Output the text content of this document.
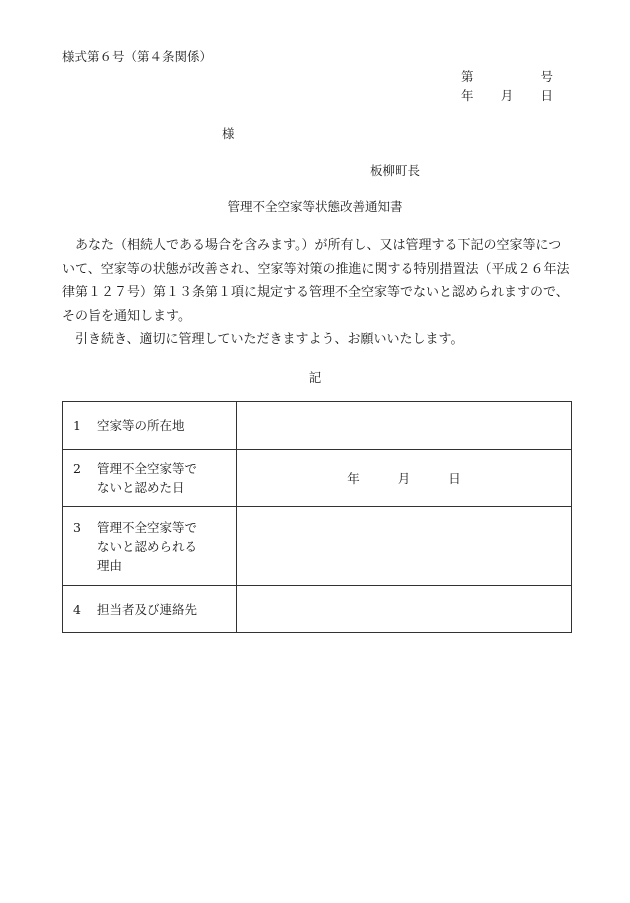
様式第６号（第４条関係）
第	号
年 月 日
様
板柳町長
管理不全空家等状態改善通知書

あなた（相続人である場合を含みます。）が所有し、又は管理する下記の空家等について、空家等の状態が改善され、空家等対策の推進に関する特別措置法（平成２６年法律第１２７号）第１３条第１項に規定する管理不全空家等でないと認められますので、その旨を通知します。

引き続き、適切に管理していただきますよう、お願いいたします。

記
1 空家等の所在地	

2 管理不全空家等でないと認めた日	年 月 日

3 管理不全空家等でないと認められる理由	

4 担当者及び連絡先	
